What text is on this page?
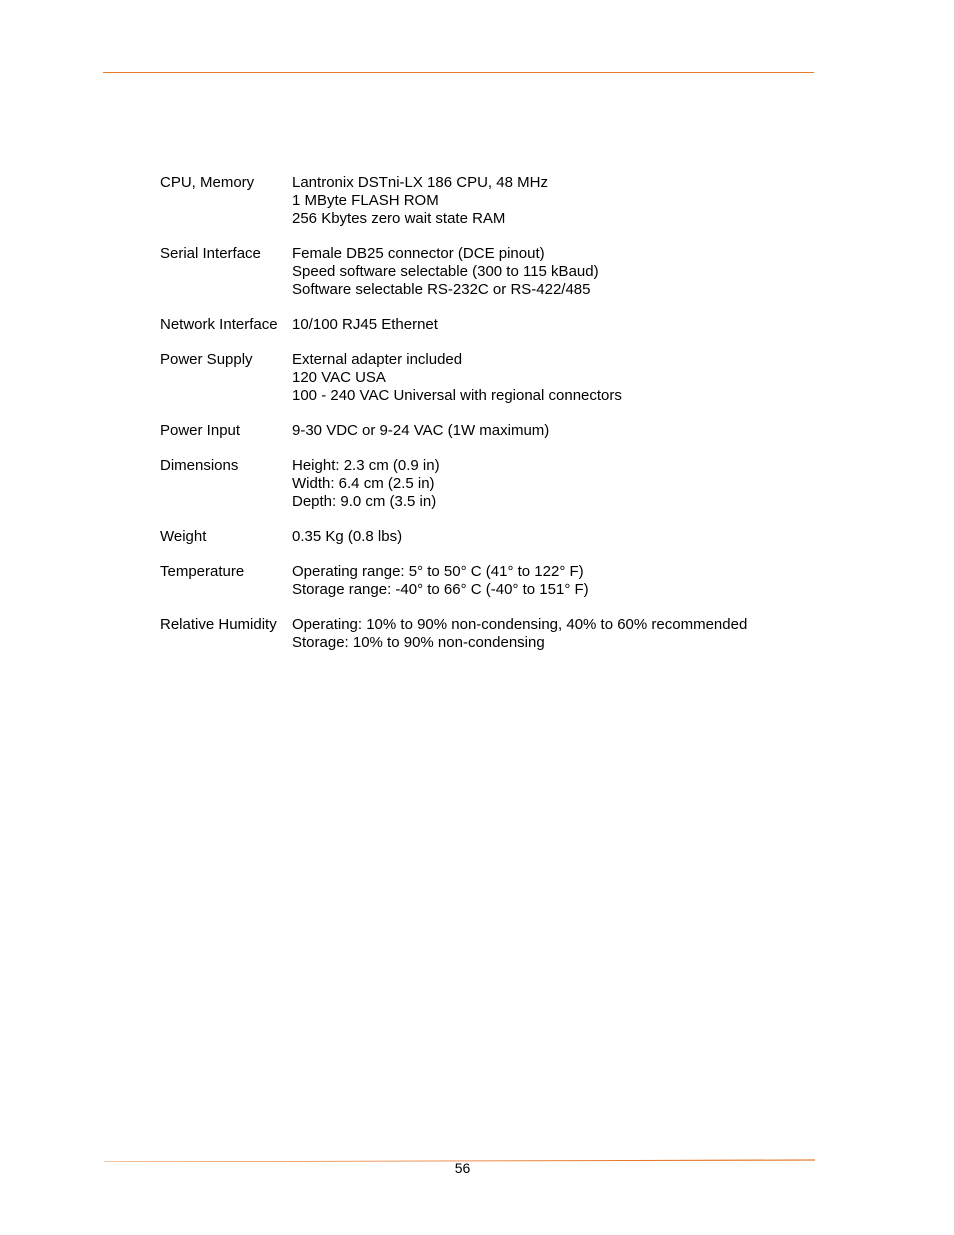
CPU, Memory	Lantronix DSTni-LX 186 CPU, 48 MHz
1 MByte FLASH ROM
256 Kbytes zero wait state RAM
Serial Interface	Female DB25 connector (DCE pinout)
Speed software selectable (300 to 115 kBaud)
Software selectable RS-232C or RS-422/485
Network Interface 10/100 RJ45 Ethernet
Power Supply	External adapter included
120 VAC USA
100 - 240 VAC Universal with regional connectors
Power Input	9-30 VDC or 9-24 VAC (1W maximum)
Dimensions	Height: 2.3 cm (0.9 in)
Width: 6.4 cm (2.5 in)
Depth: 9.0 cm (3.5 in)
Weight	0.35 Kg (0.8 lbs)
Temperature	Operating range: 5° to 50° C (41° to 122° F)
Storage range: -40° to 66° C (-40° to 151° F)
Relative Humidity	Operating: 10% to 90% non-condensing, 40% to 60% recommended
Storage: 10% to 90% non-condensing
56
